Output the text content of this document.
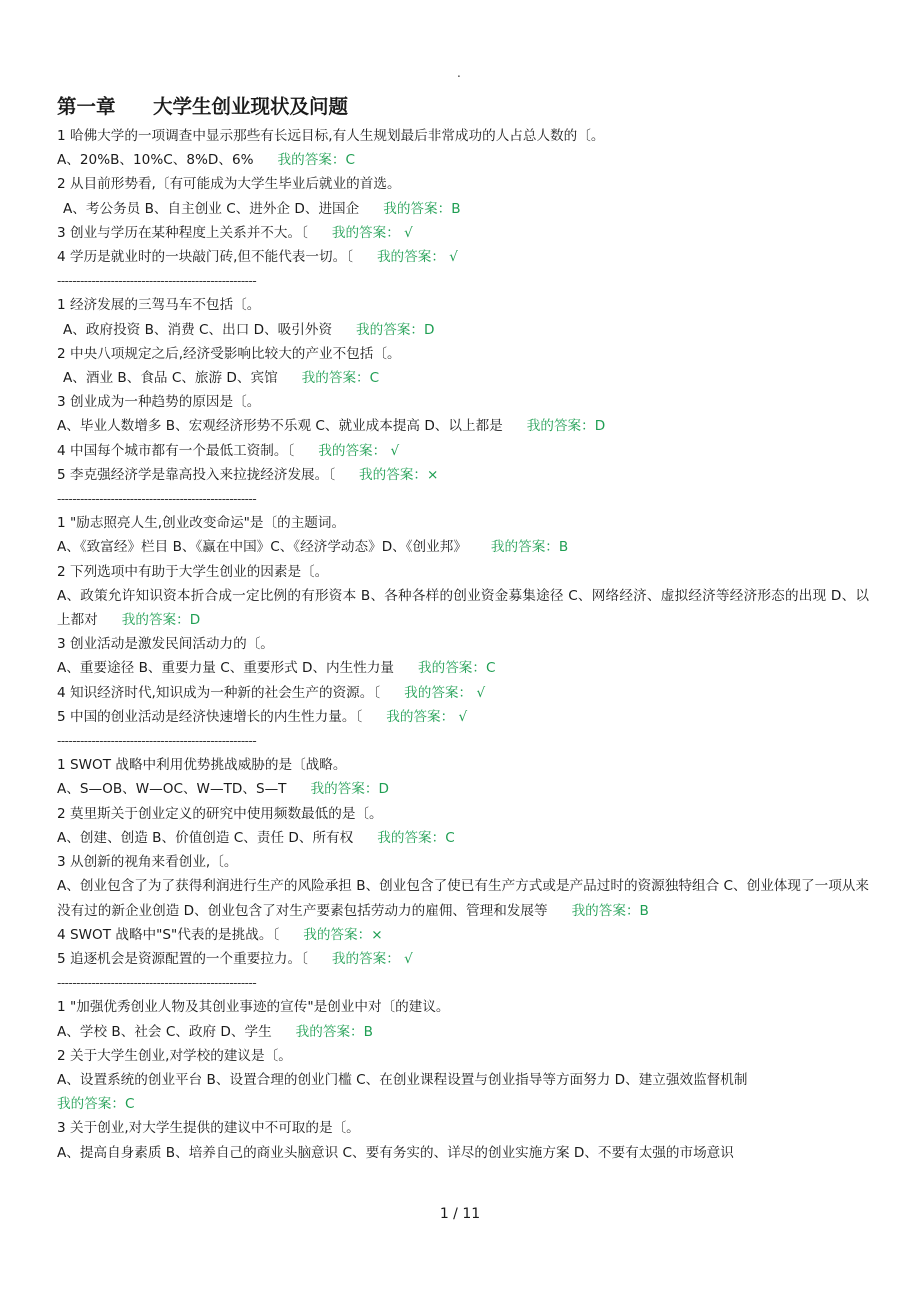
.
第一章 大学生创业现状及问题
1 哈佛大学的一项调查中显示那些有长远目标,有人生规划最后非常成功的人占总人数的〔。
A、20%B、10%C、8%D、6% 我的答案：C
2 从目前形势看,〔有可能成为大学生毕业后就业的首选。
A、考公务员 B、自主创业 C、进外企 D、进国企 我的答案：B
3 创业与学历在某种程度上关系并不大。〔 我的答案： √
4 学历是就业时的一块敲门砖,但不能代表一切。〔 我的答案： √
----------------------------------------------------
1 经济发展的三驾马车不包括〔。
A、政府投资 B、消费 C、出口 D、吸引外资 我的答案：D
2 中央八项规定之后,经济受影响比较大的产业不包括〔。
A、酒业 B、食品 C、旅游 D、宾馆 我的答案：C
3 创业成为一种趋势的原因是〔。
A、毕业人数增多 B、宏观经济形势不乐观 C、就业成本提高 D、以上都是 我的答案：D
4 中国每个城市都有一个最低工资制。〔 我的答案： √
5 李克强经济学是靠高投入来拉拢经济发展。〔 我的答案：×
----------------------------------------------------
1 "励志照亮人生,创业改变命运"是〔的主题词。
A、《致富经》栏目 B、《赢在中国》C、《经济学动态》D、《创业邦》 我的答案：B
2 下列选项中有助于大学生创业的因素是〔。
A、政策允许知识资本折合成一定比例的有形资本 B、各种各样的创业资金募集途径 C、网络经济、虚拟经济等经济形态的出现 D、以上都对 我的答案：D
3 创业活动是激发民间活动力的〔。
A、重要途径 B、重要力量 C、重要形式 D、内生性力量 我的答案：C
4 知识经济时代,知识成为一种新的社会生产的资源。〔 我的答案： √
5 中国的创业活动是经济快速增长的内生性力量。〔 我的答案： √
----------------------------------------------------
1 SWOT 战略中利用优势挑战威胁的是〔战略。
A、S—OB、W—OC、W—TD、S—T 我的答案：D
2 莫里斯关于创业定义的研究中使用频数最低的是〔。
A、创建、创造 B、价值创造 C、责任 D、所有权 我的答案：C
3 从创新的视角来看创业,〔。
A、创业包含了为了获得利润进行生产的风险承担 B、创业包含了使已有生产方式或是产品过时的资源独特组合 C、创业体现了一项从来没有过的新企业创造 D、创业包含了对生产要素包括劳动力的雇佣、管理和发展等 我的答案：B
4 SWOT 战略中"S"代表的是挑战。〔 我的答案：×
5 追逐机会是资源配置的一个重要拉力。〔 我的答案： √
----------------------------------------------------
1 "加强优秀创业人物及其创业事迹的宣传"是创业中对〔的建议。
A、学校 B、社会 C、政府 D、学生 我的答案：B
2 关于大学生创业,对学校的建议是〔。
A、设置系统的创业平台 B、设置合理的创业门槛 C、在创业课程设置与创业指导等方面努力 D、建立强效监督机制
我的答案：C
3 关于创业,对大学生提供的建议中不可取的是〔。
A、提高自身素质 B、培养自己的商业头脑意识 C、要有务实的、详尽的创业实施方案 D、不要有太强的市场意识
1 / 11
